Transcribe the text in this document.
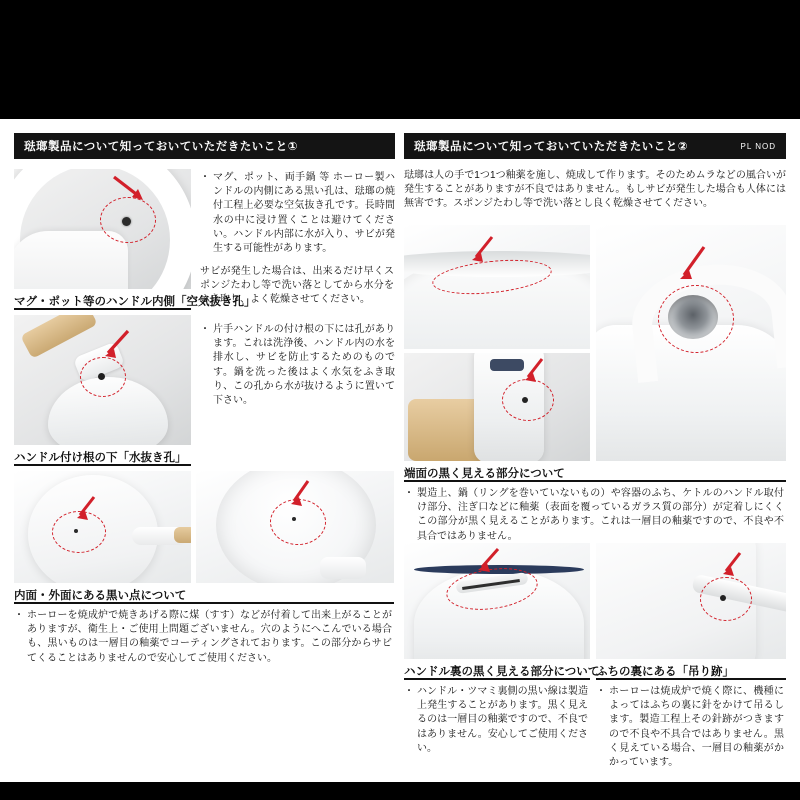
琺瑯製品について知っておいていただきたいこと①	琺瑯製品について知っておいていただきたいこと②	PL NOD
マグ・ポット等のハンドル内側「空気抜き孔」
・ マグ、ポット、両手鍋 等 ホーロー製ハンドルの内側にある黒い孔は、琺瑯の焼付工程上必要な空気抜き孔です。長時間水の中に浸け置くことは避けてください。ハンドル内部に水が入り、サビが発生する可能性があります。
サビが発生した場合は、出来るだけ早くスポンジたわし等で洗い落としてから水分をふき取り、よく乾燥させてください。
ハンドル付け根の下「水抜き孔」
・ 片手ハンドルの付け根の下には孔があります。これは洗浄後、ハンドル内の水を排水し、サビを防止するためのものです。鍋を洗った後はよく水気をふき取り、この孔から水が抜けるように置いて下さい。
内面・外面にある黒い点について
・ ホーローを焼成炉で焼きあげる際に煤（すす）などが付着して出来上がることがありますが、衛生上・ご使用上問題ございません。穴のようにへこんでいる場合も、黒いものは一層目の釉薬でコーティングされております。この部分からサビてくることはありませんので安心してご使用ください。
琺瑯は人の手で1つ1つ釉薬を施し、焼成して作ります。そのためムラなどの風合いが発生することがありますが不良ではありません。もしサビが発生した場合も人体には無害です。スポンジたわし等で洗い落とし良く乾燥させてください。
端面の黒く見える部分について
・ 製造上、鍋（リングを巻いていないもの）や容器のふち、ケトルのハンドル取付け部分、注ぎ口などに釉薬（表面を覆っているガラス質の部分）が定着しにくく この部分が黒く見えることがあります。これは一層目の釉薬ですので、不良や不具合ではありません。
ハンドル裏の黒く見える部分について
ふちの裏にある「吊り跡」
・ ハンドル・ツマミ裏側の黒い線は製造上発生することがあります。黒く見えるのは一層目の釉薬ですので、不良ではありません。安心してご使用ください。
・ ホーローは焼成炉で焼く際に、機種によってはふちの裏に針をかけて吊るします。製造工程上その針跡がつきますので不良や不具合ではありません。黒く見えている場合、一層目の釉薬がかかっています。
